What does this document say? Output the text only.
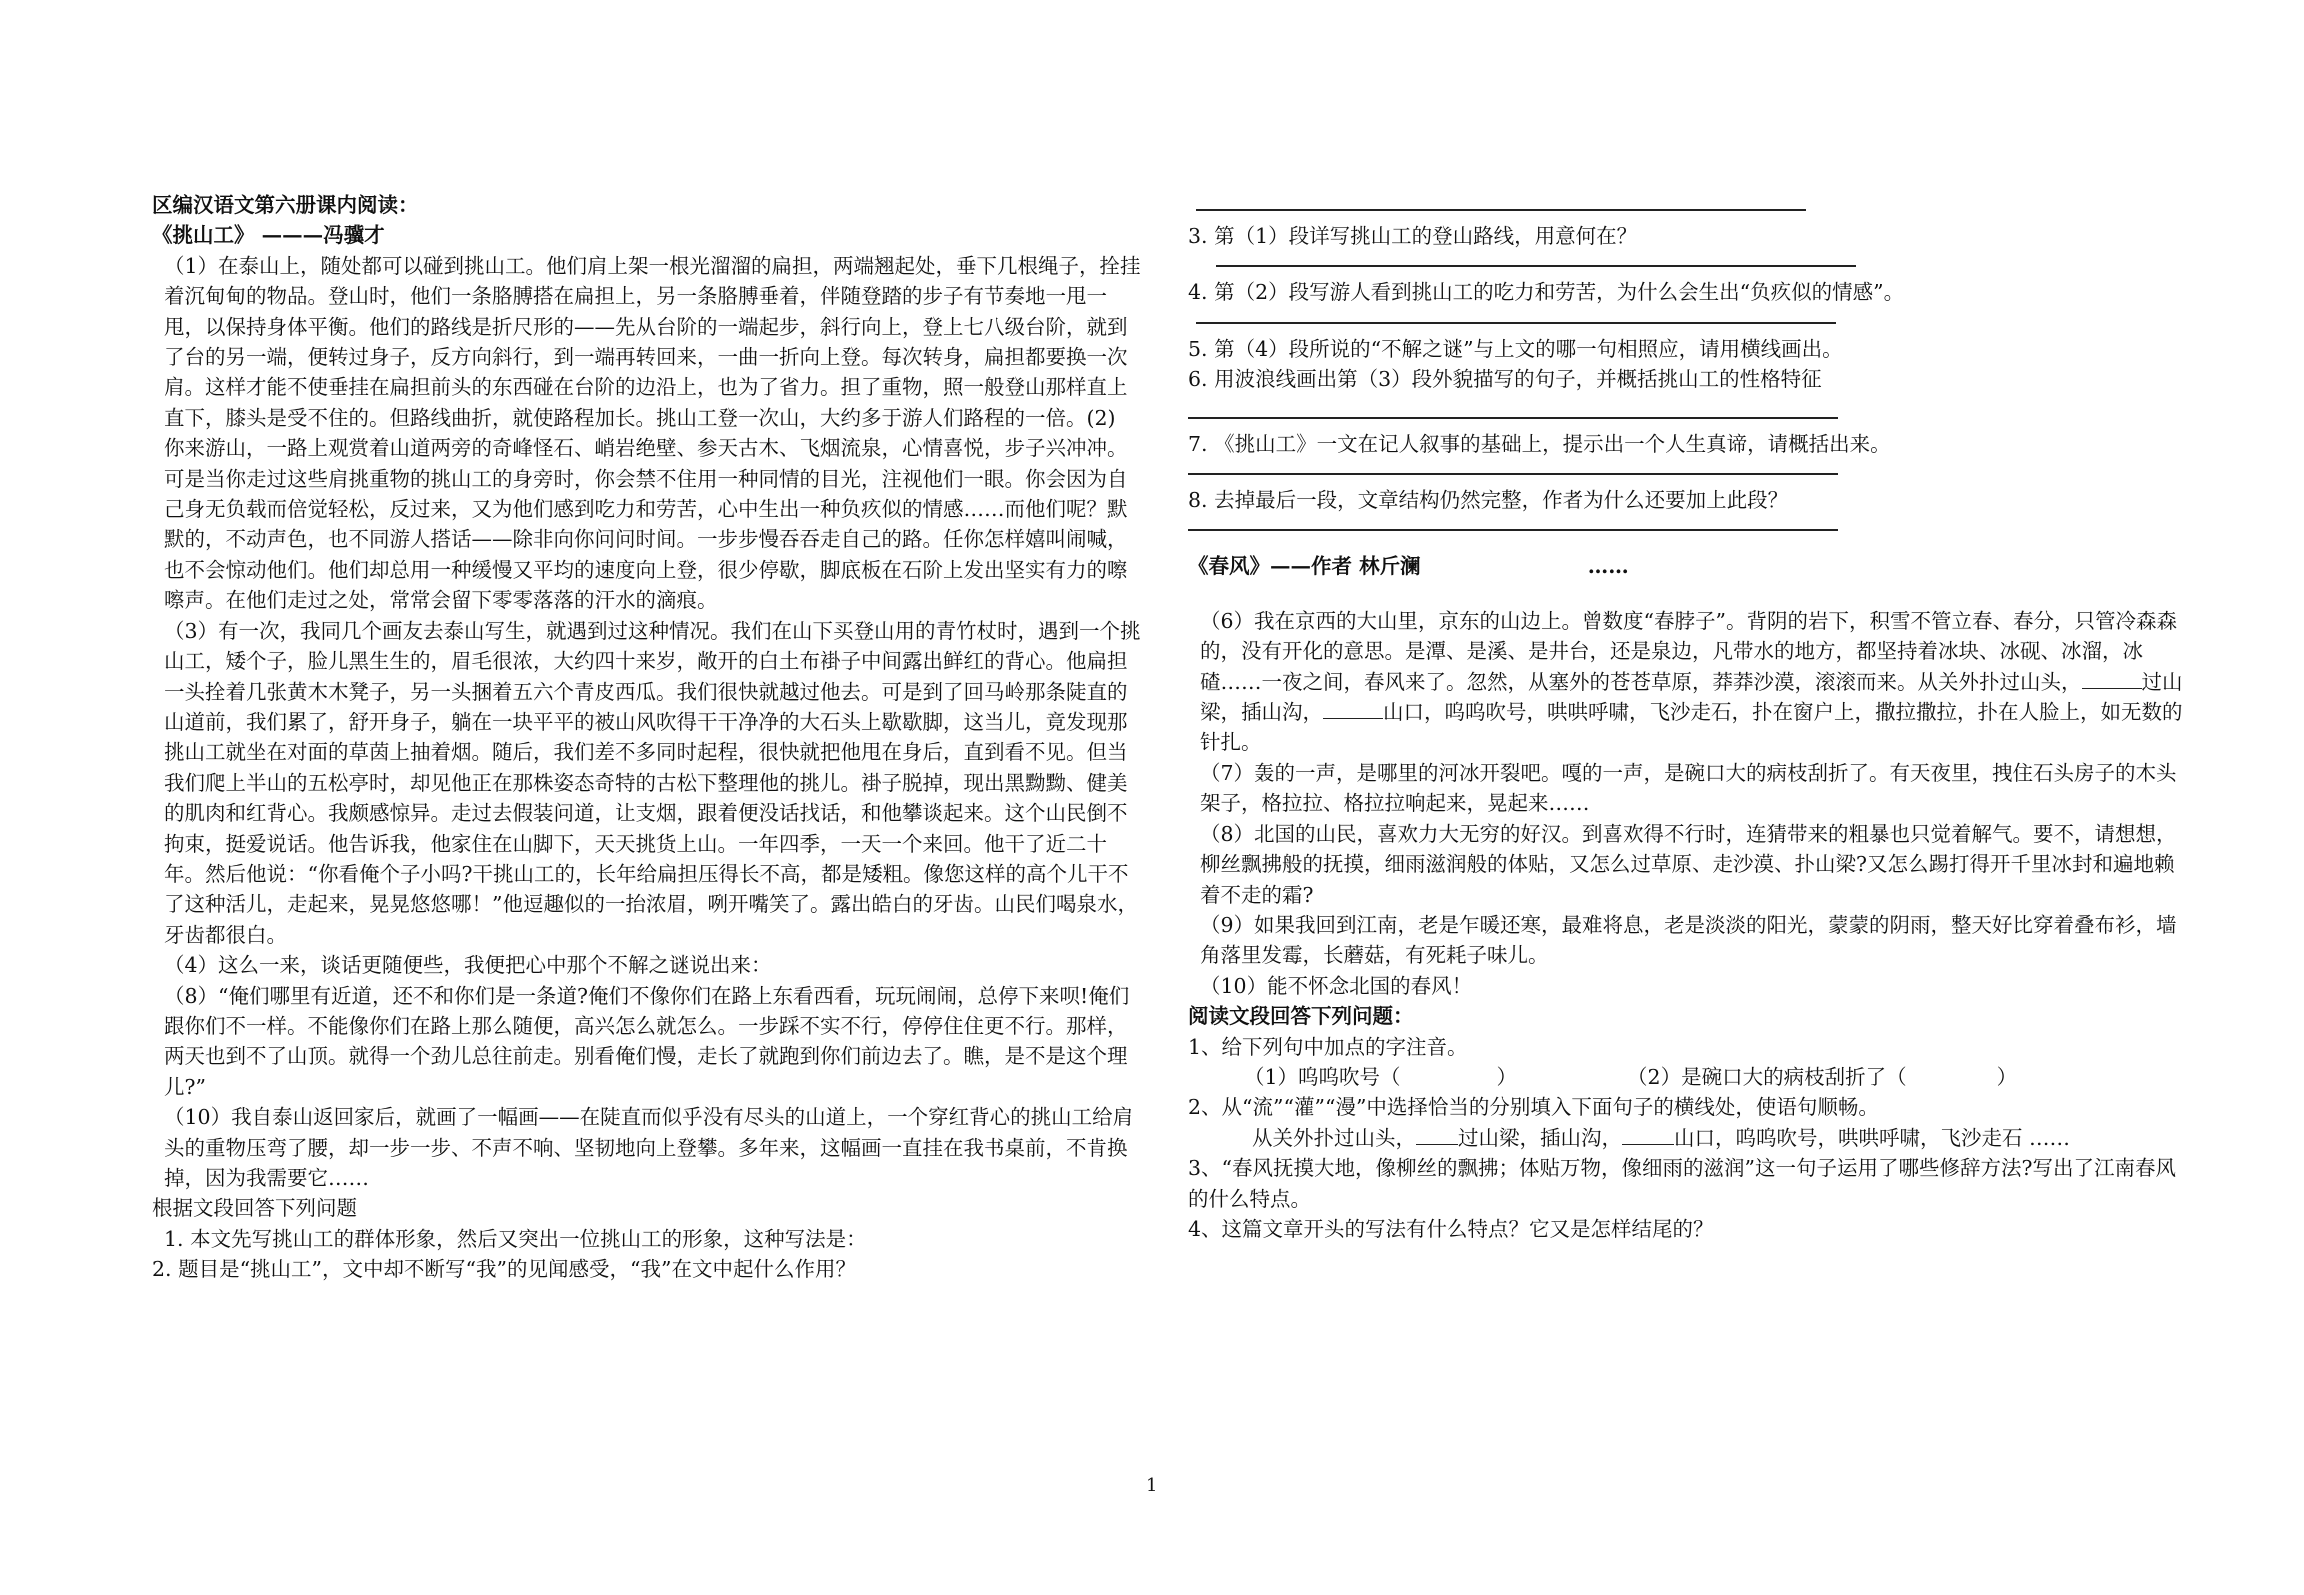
区编汉语文第六册课内阅读：

《挑山工》 ———冯骥才

（1）在泰山上，随处都可以碰到挑山工。他们肩上架一根光溜溜的扁担，两端翘起处，垂下几根绳子，拴挂着沉甸甸的物品。登山时，他们一条胳膊搭在扁担上，另一条胳膊垂着，伴随登踏的步子有节奏地一甩一甩，以保持身体平衡。他们的路线是折尺形的——先从台阶的一端起步，斜行向上，登上七八级台阶，就到了台的另一端，便转过身子，反方向斜行，到一端再转回来，一曲一折向上登。每次转身，扁担都要换一次肩。这样才能不使垂挂在扁担前头的东西碰在台阶的边沿上，也为了省力。担了重物，照一般登山那样直上直下，膝头是受不住的。但路线曲折，就使路程加长。挑山工登一次山，大约多于游人们路程的一倍。(2) 你来游山，一路上观赏着山道两旁的奇峰怪石、峭岩绝壁、参天古木、飞烟流泉，心情喜悦，步子兴冲冲。可是当你走过这些肩挑重物的挑山工的身旁时，你会禁不住用一种同情的目光，注视他们一眼。你会因为自己身无负载而倍觉轻松，反过来，又为他们感到吃力和劳苦，心中生出一种负疚似的情感……而他们呢？默默的，不动声色，也不同游人搭话——除非向你问问时间。一步步慢吞吞走自己的路。任你怎样嬉叫闹喊，也不会惊动他们。他们却总用一种缓慢又平均的速度向上登，很少停歇，脚底板在石阶上发出坚实有力的嚓嚓声。在他们走过之处，常常会留下零零落落的汗水的滴痕。

（3）有一次，我同几个画友去泰山写生，就遇到过这种情况。我们在山下买登山用的青竹杖时，遇到一个挑山工，矮个子，脸儿黑生生的，眉毛很浓，大约四十来岁，敞开的白土布褂子中间露出鲜红的背心。他扁担一头拴着几张黄木木凳子，另一头捆着五六个青皮西瓜。我们很快就越过他去。可是到了回马岭那条陡直的山道前，我们累了，舒开身子，躺在一块平平的被山风吹得干干净净的大石头上歇歇脚，这当儿，竟发现那挑山工就坐在对面的草茵上抽着烟。随后，我们差不多同时起程，很快就把他甩在身后，直到看不见。但当我们爬上半山的五松亭时，却见他正在那株姿态奇特的古松下整理他的挑儿。褂子脱掉，现出黑黝黝、健美的肌肉和红背心。我颇感惊异。走过去假装问道，让支烟，跟着便没话找话，和他攀谈起来。这个山民倒不拘束，挺爱说话。他告诉我，他家住在山脚下，天天挑货上山。一年四季，一天一个来回。他干了近二十年。然后他说：“你看俺个子小吗?干挑山工的，长年给扁担压得长不高，都是矮粗。像您这样的高个儿干不了这种活儿，走起来，晃晃悠悠哪！”他逗趣似的一抬浓眉，咧开嘴笑了。露出皓白的牙齿。山民们喝泉水，牙齿都很白。

（4）这么一来，谈话更随便些，我便把心中那个不解之谜说出来：

（8）“俺们哪里有近道，还不和你们是一条道?俺们不像你们在路上东看西看，玩玩闹闹，总停下来呗!俺们跟你们不一样。不能像你们在路上那么随便，高兴怎么就怎么。一步踩不实不行，停停住住更不行。那样，两天也到不了山顶。就得一个劲儿总往前走。别看俺们慢，走长了就跑到你们前边去了。瞧，是不是这个理儿?”

（10）我自泰山返回家后，就画了一幅画——在陡直而似乎没有尽头的山道上，一个穿红背心的挑山工给肩头的重物压弯了腰，却一步一步、不声不响、坚韧地向上登攀。多年来，这幅画一直挂在我书桌前，不肯换掉，因为我需要它……

根据文段回答下列问题

1. 本文先写挑山工的群体形象，然后又突出一位挑山工的形象，这种写法是：

2. 题目是“挑山工”，文中却不断写“我”的见闻感受，“我”在文中起什么作用？

3. 第（1）段详写挑山工的登山路线，用意何在？

4. 第（2）段写游人看到挑山工的吃力和劳苦，为什么会生出“负疚似的情感”。

5. 第（4）段所说的“不解之谜”与上文的哪一句相照应，请用横线画出。

6. 用波浪线画出第（3）段外貌描写的句子，并概括挑山工的性格特征

7. 《挑山工》一文在记人叙事的基础上，提示出一个人生真谛，请概括出来。

8. 去掉最后一段，文章结构仍然完整，作者为什么还要加上此段？

《春风》——作者 林斤澜	……

（6）我在京西的大山里，京东的山边上。曾数度“春脖子”。背阴的岩下，积雪不管立春、春分，只管冷森森的，没有开化的意思。是潭、是溪、是井台，还是泉边，凡带水的地方，都坚持着冰块、冰砚、冰溜，冰碴……一夜之间，春风来了。忽然，从塞外的苍苍草原，莽莽沙漠，滚滚而来。从关外扑过山头，	过山梁，插山沟，	山口，呜呜吹号，哄哄呼啸，飞沙走石，扑在窗户上，撒拉撒拉，扑在人脸上，如无数的针扎。

（7）轰的一声，是哪里的河冰开裂吧。嘎的一声，是碗口大的病枝刮折了。有天夜里，拽住石头房子的木头架子，格拉拉、格拉拉响起来，晃起来……

（8）北国的山民，喜欢力大无穷的好汉。到喜欢得不行时，连猜带来的粗暴也只觉着解气。要不，请想想，柳丝飘拂般的抚摸，细雨滋润般的体贴，又怎么过草原、走沙漠、扑山梁?又怎么踢打得开千里冰封和遍地赖着不走的霜?

（9）如果我回到江南，老是乍暖还寒，最难将息，老是淡淡的阳光，蒙蒙的阴雨，整天好比穿着叠布衫，墙角落里发霉，长蘑菇，有死耗子味儿。

（10）能不怀念北国的春风！

阅读文段回答下列问题：

1、给下列句中加点的字注音。

（1）呜呜吹号（	）	（2）是碗口大的病枝刮折了（	）

2、从“流”“灌”“漫”中选择恰当的分别填入下面句子的横线处，使语句顺畅。

从关外扑过山头， 过山梁，插山沟，	山口，呜呜吹号，哄哄呼啸，飞沙走石 ……

3、“春风抚摸大地，像柳丝的飘拂；体贴万物，像细雨的滋润”这一句子运用了哪些修辞方法?写出了江南春风的什么特点。

4、这篇文章开头的写法有什么特点？它又是怎样结尾的？

1
